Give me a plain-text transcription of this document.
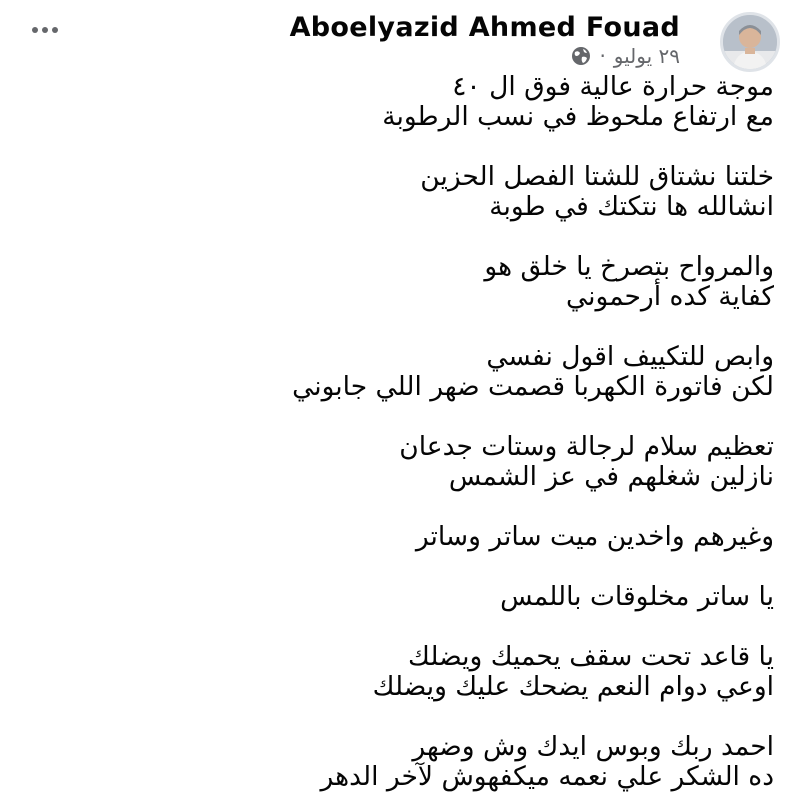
Aboelyazid Ahmed Fouad
٢٩ يوليو
·
موجة حرارة عالية فوق ال ٤٠
مع ارتفاع ملحوظ في نسب الرطوبة
خلتنا نشتاق للشتا الفصل الحزين
انشالله ها نتكتك في طوبة
والمرواح بتصرخ يا خلق هو
كفاية كده أرحموني
وابص للتكييف اقول نفسي
لكن فاتورة الكهربا قصمت ضهر اللي جابوني
تعظيم سلام لرجالة وستات جدعان
نازلين شغلهم في عز الشمس
وغيرهم واخدين ميت ساتر وساتر
يا ساتر مخلوقات باللمس
يا قاعد تحت سقف يحميك ويضلك
اوعي دوام النعم يضحك عليك ويضلك
احمد ربك وبوس ايدك وش وضهر
ده الشكر علي نعمه ميكفهوش لآخر الدهر
